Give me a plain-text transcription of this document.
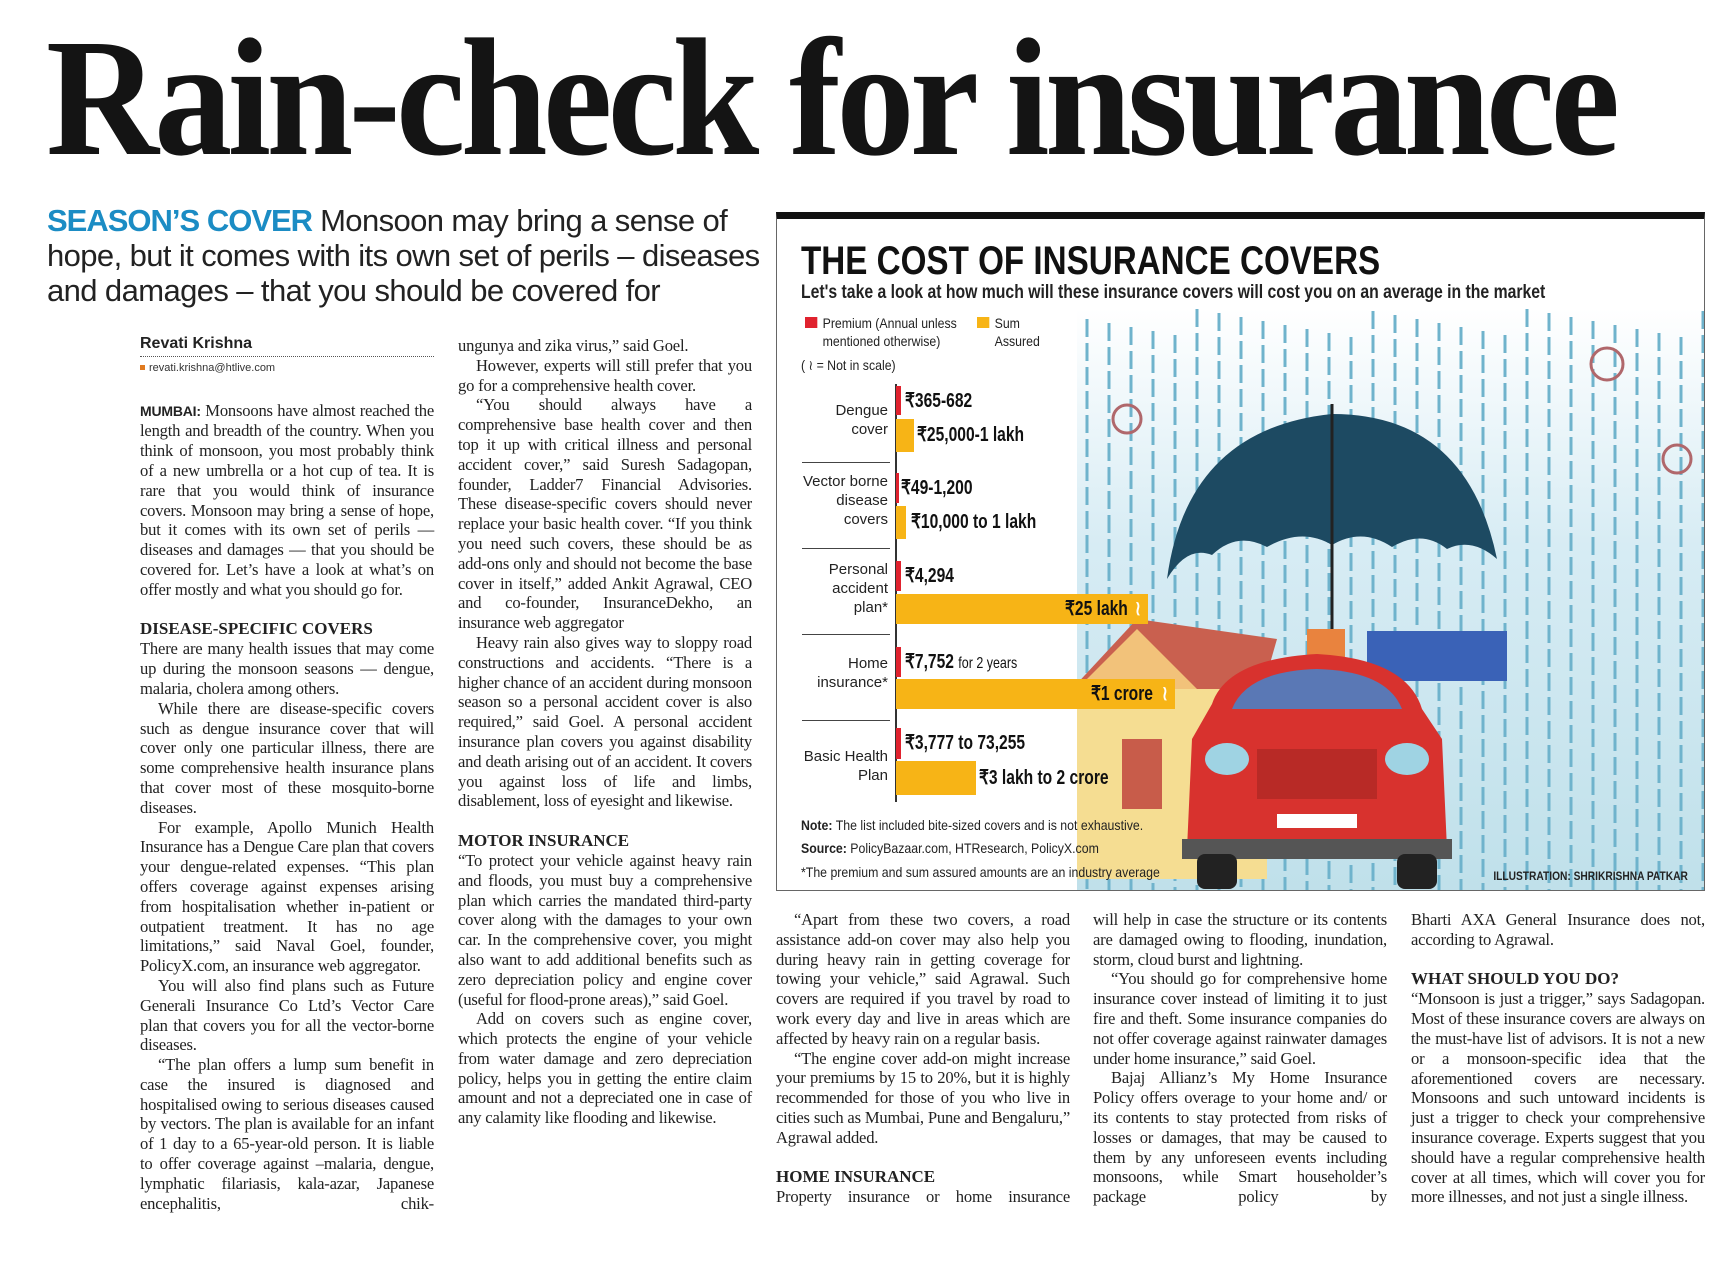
Rain-check for insurance
SEASON’S COVER Monsoon may bring a sense of hope, but it comes with its own set of perils – diseases and damages – that you should be covered for
Revati Krishna
revati.krishna@htlive.com

MUMBAI: Monsoons have almost reached the length and breadth of the country. When you think of monsoon, you most probably think of a new umbrella or a hot cup of tea. It is rare that you would think of insurance covers. Monsoon may bring a sense of hope, but it comes with its own set of perils — diseases and damages — that you should be covered for. Let’s have a look at what’s on offer mostly and what you should go for.

DISEASE-SPECIFIC COVERS

There are many health issues that may come up during the monsoon seasons — dengue, malaria, cholera among others.

While there are disease-specific covers such as dengue insurance cover that will cover only one particular illness, there are some comprehensive health insurance plans that cover most of these mosquito-borne diseases.

For example, Apollo Munich Health Insurance has a Dengue Care plan that covers your dengue-related expenses. “This plan offers coverage against expenses arising from hospitalisation whether in-patient or outpatient treatment. It has no age limitations,” said Naval Goel, founder, PolicyX.com, an insurance web aggregator.

You will also find plans such as Future Generali Insurance Co Ltd’s Vector Care plan that covers you for all the vector-borne diseases.

“The plan offers a lump sum benefit in case the insured is diagnosed and hospitalised owing to serious diseases caused by vectors. The plan is available for an infant of 1 day to a 65-year-old person. It is liable to offer coverage against –malaria, dengue, lymphatic filariasis, kala-azar, Japanese encephalitis, chik-

ungunya and zika virus,” said Goel.

However, experts will still prefer that you go for a comprehensive health cover.

“You should always have a comprehensive base health cover and then top it up with critical illness and personal accident cover,” said Suresh Sadagopan, founder, Ladder7 Financial Advisories. These disease-specific covers should never replace your basic health cover. “If you think you need such covers, these should be as add-ons only and should not become the base cover in itself,” added Ankit Agrawal, CEO and co-founder, InsuranceDekho, an insurance web aggregator

Heavy rain also gives way to sloppy road constructions and accidents. “There is a higher chance of an accident during monsoon season so a personal accident cover is also required,” said Goel. A personal accident insurance plan covers you against disability and death arising out of an accident. It covers you against loss of life and limbs, disablement, loss of eyesight and likewise.

MOTOR INSURANCE

“To protect your vehicle against heavy rain and floods, you must buy a comprehensive plan which carries the mandated third-party cover along with the damages to your own car. In the comprehensive cover, you might also want to add additional benefits such as zero depreciation policy and engine cover (useful for flood-prone areas),” said Goel.

Add on covers such as engine cover, which protects the engine of your vehicle from water damage and zero depreciation policy, helps you in getting the entire claim amount and not a depreciated one in case of any calamity like flooding and likewise.

“Apart from these two covers, a road assistance add-on cover may also help you during heavy rain in getting coverage for towing your vehicle,” said Agrawal. Such covers are required if you travel by road to work every day and live in areas which are affected by heavy rain on a regular basis.

“The engine cover add-on might increase your premiums by 15 to 20%, but it is highly recommended for those of you who live in cities such as Mumbai, Pune and Bengaluru,” Agrawal added.

HOME INSURANCE

Property insurance or home insurance

will help in case the structure or its contents are damaged owing to flooding, inundation, storm, cloud burst and lightning.

“You should go for comprehensive home insurance cover instead of limiting it to just fire and theft. Some insurance companies do not offer coverage against rainwater damages under home insurance,” said Goel.

Bajaj Allianz’s My Home Insurance Policy offers overage to your home and/ or its contents to stay protected from risks of losses or damages, that may be caused to them by any unforeseen events including monsoons, while Smart householder’s package policy by

Bharti AXA General Insurance does not, according to Agrawal.

WHAT SHOULD YOU DO?

“Monsoon is just a trigger,” says Sadagopan. Most of these insurance covers are always on the must-have list of advisors. It is not a new or a monsoon-specific idea that the aforementioned covers are necessary. Monsoons and such untoward incidents is just a trigger to check your comprehensive insurance coverage. Experts suggest that you should have a regular comprehensive health cover at all times, which will cover you for more illnesses, and not just a single illness.

THE COST OF INSURANCE COVERS
Let's take a look at how much will these insurance covers will cost you on an average in the market
Premium (Annual unless mentioned otherwise)
Sum Assured
( ≀ = Not in scale)
Dengue cover
₹365-682
₹25,000-1 lakh
Vector borne disease covers
₹49-1,200
₹10,000 to 1 lakh
Personal accident plan*
₹4,294
₹25 lakh ≀
Home insurance*
₹7,752 for 2 years
₹1 crore ≀
Basic Health Plan
₹3,777 to 73,255
₹3 lakh to 2 crore
Note: The list included bite-sized covers and is not exhaustive.
Source: PolicyBazaar.com, HTResearch, PolicyX.com
*The premium and sum assured amounts are an industry average	ILLUSTRATION: SHRIKRISHNA PATKAR
